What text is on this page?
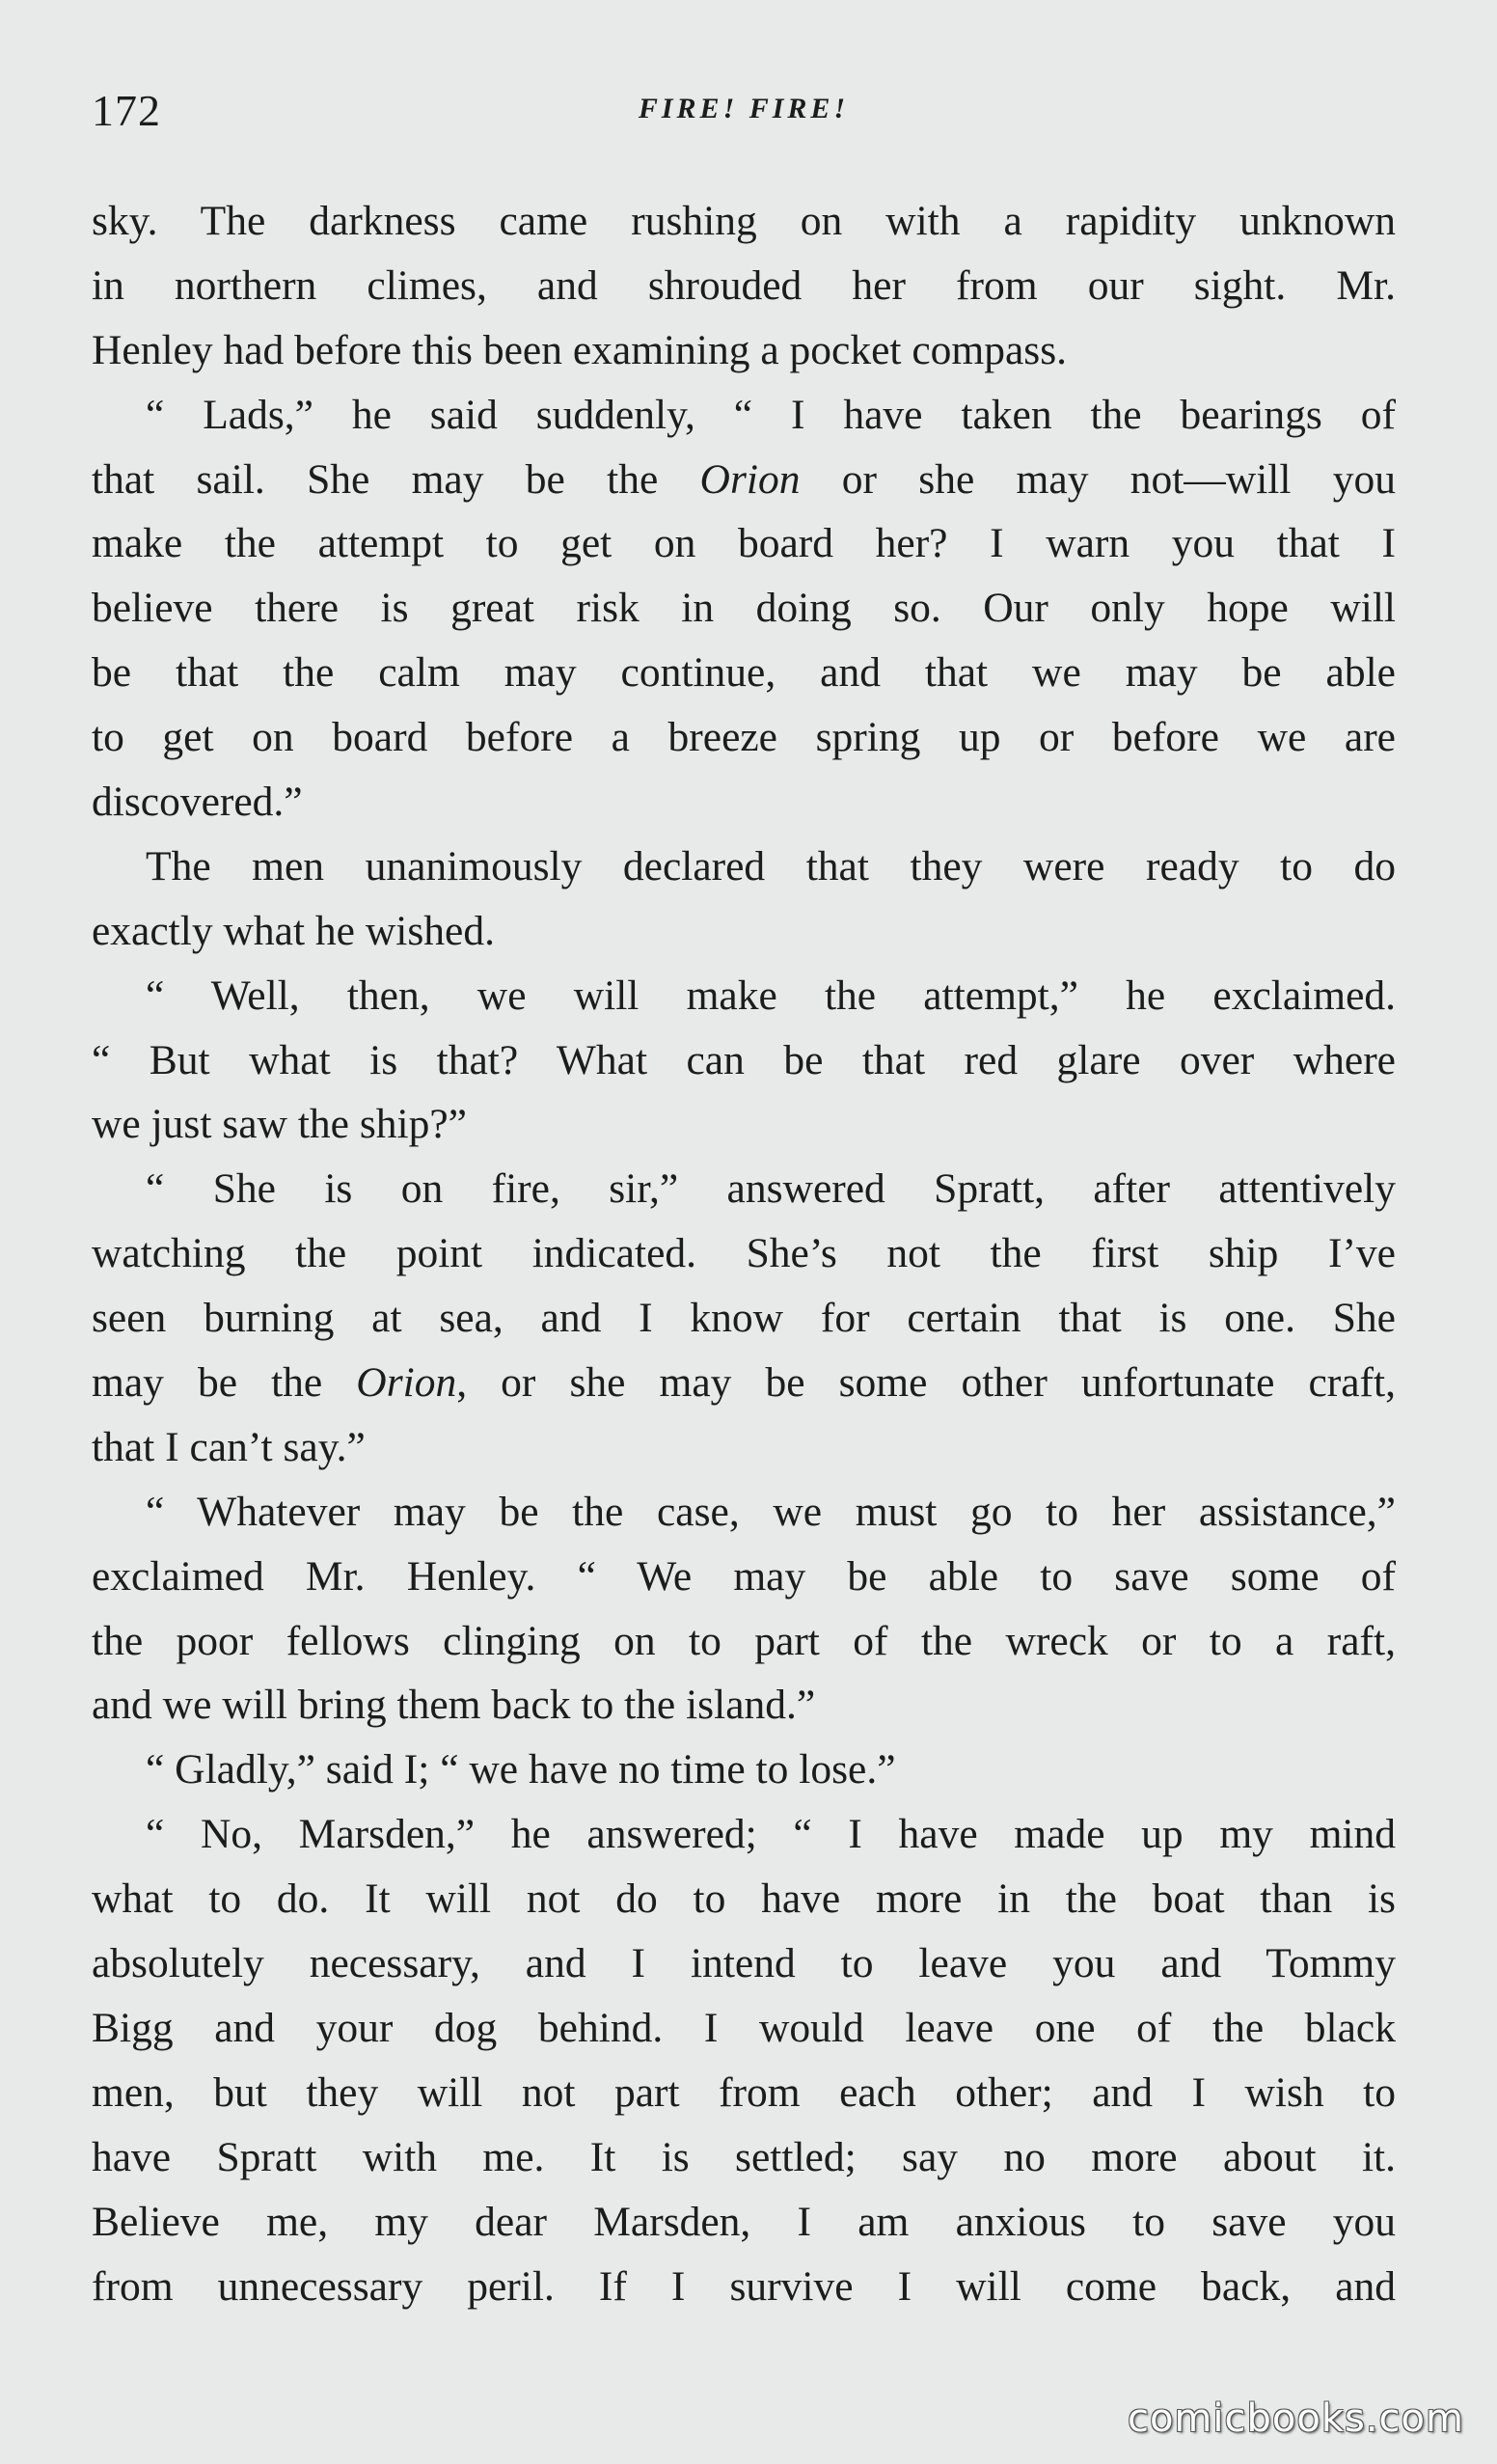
172	FIRE! FIRE!
sky. The darkness came rushing on with a rapidity unknown
in northern climes, and shrouded her from our sight. Mr.
Henley had before this been examining a pocket compass.
“ Lads,” he said suddenly, “ I have taken the bearings of
that sail. She may be the Orion or she may not—will you
make the attempt to get on board her? I warn you that I
believe there is great risk in doing so. Our only hope will
be that the calm may continue, and that we may be able
to get on board before a breeze spring up or before we are
discovered.”
The men unanimously declared that they were ready to do
exactly what he wished.
“ Well, then, we will make the attempt,” he exclaimed.
“ But what is that? What can be that red glare over where
we just saw the ship?”
“ She is on fire, sir,” answered Spratt, after attentively
watching the point indicated. She’s not the first ship I’ve
seen burning at sea, and I know for certain that is one. She
may be the Orion, or she may be some other unfortunate craft,
that I can’t say.”
“ Whatever may be the case, we must go to her assistance,”
exclaimed Mr. Henley. “ We may be able to save some of
the poor fellows clinging on to part of the wreck or to a raft,
and we will bring them back to the island.”
“ Gladly,” said I; “ we have no time to lose.”
“ No, Marsden,” he answered; “ I have made up my mind
what to do. It will not do to have more in the boat than is
absolutely necessary, and I intend to leave you and Tommy
Bigg and your dog behind. I would leave one of the black
men, but they will not part from each other; and I wish to
have Spratt with me. It is settled; say no more about it.
Believe me, my dear Marsden, I am anxious to save you
from unnecessary peril. If I survive I will come back, and
comicbooks.com
